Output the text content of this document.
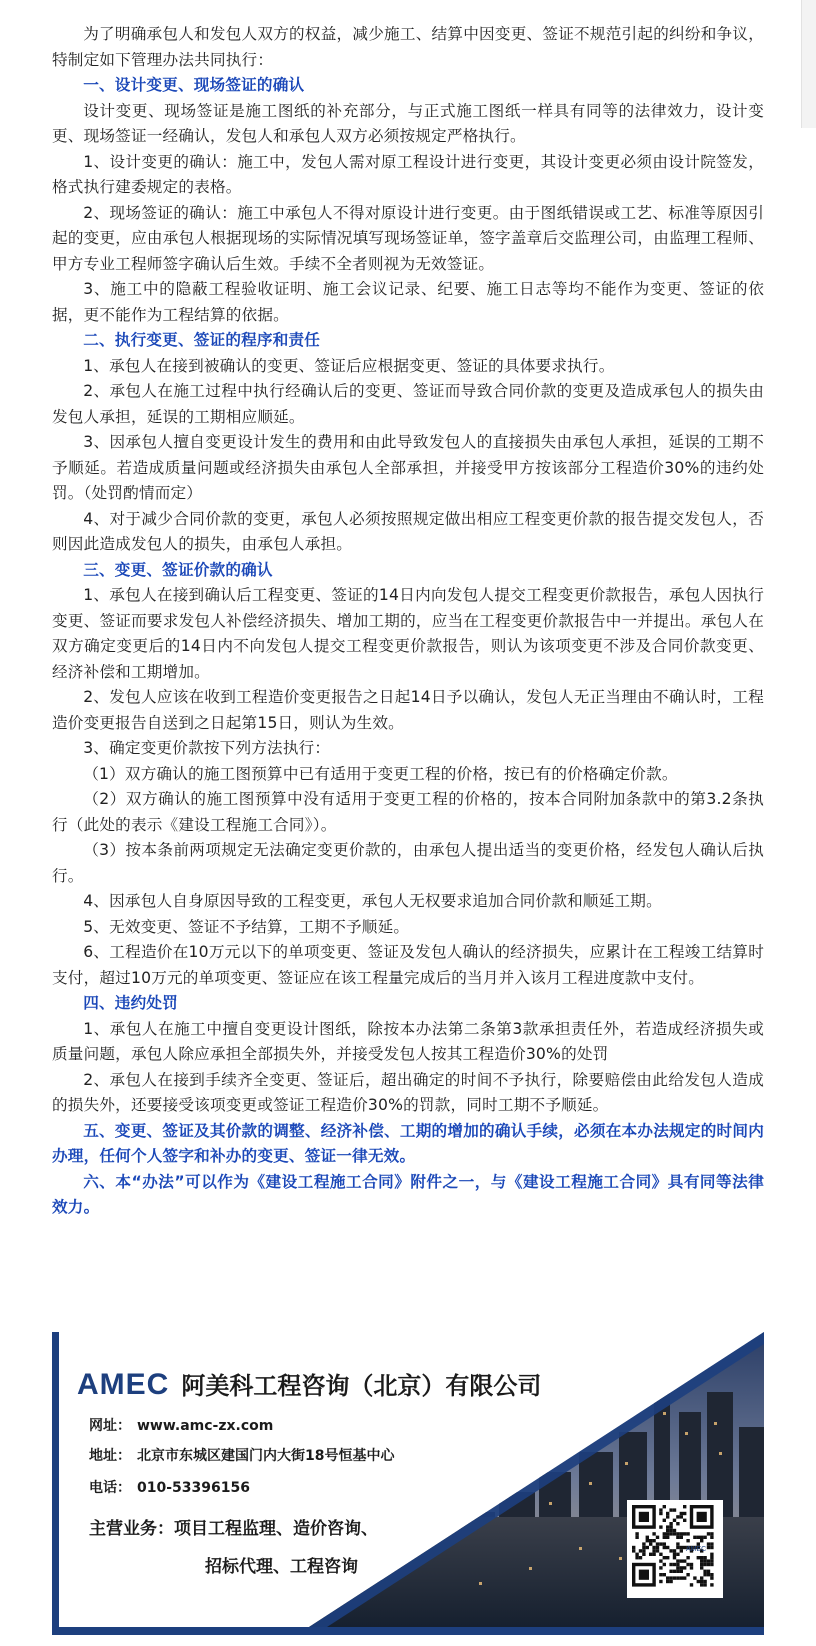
为了明确承包人和发包人双方的权益，减少施工、结算中因变更、签证不规范引起的纠纷和争议，特制定如下管理办法共同执行：

一、设计变更、现场签证的确认

设计变更、现场签证是施工图纸的补充部分，与正式施工图纸一样具有同等的法律效力，设计变更、现场签证一经确认，发包人和承包人双方必须按规定严格执行。

1、设计变更的确认：施工中，发包人需对原工程设计进行变更，其设计变更必须由设计院签发，格式执行建委规定的表格。

2、现场签证的确认：施工中承包人不得对原设计进行变更。由于图纸错误或工艺、标准等原因引起的变更，应由承包人根据现场的实际情况填写现场签证单，签字盖章后交监理公司，由监理工程师、甲方专业工程师签字确认后生效。手续不全者则视为无效签证。

3、施工中的隐蔽工程验收证明、施工会议记录、纪要、施工日志等均不能作为变更、签证的依据，更不能作为工程结算的依据。

二、执行变更、签证的程序和责任

1、承包人在接到被确认的变更、签证后应根据变更、签证的具体要求执行。

2、承包人在施工过程中执行经确认后的变更、签证而导致合同价款的变更及造成承包人的损失由发包人承担，延误的工期相应顺延。

3、因承包人擅自变更设计发生的费用和由此导致发包人的直接损失由承包人承担，延误的工期不予顺延。若造成质量问题或经济损失由承包人全部承担，并接受甲方按该部分工程造价30%的违约处罚。（处罚酌情而定）

4、对于减少合同价款的变更，承包人必须按照规定做出相应工程变更价款的报告提交发包人，否则因此造成发包人的损失，由承包人承担。

三、变更、签证价款的确认

1、承包人在接到确认后工程变更、签证的14日内向发包人提交工程变更价款报告，承包人因执行变更、签证而要求发包人补偿经济损失、增加工期的，应当在工程变更价款报告中一并提出。承包人在双方确定变更后的14日内不向发包人提交工程变更价款报告，则认为该项变更不涉及合同价款变更、经济补偿和工期增加。

2、发包人应该在收到工程造价变更报告之日起14日予以确认，发包人无正当理由不确认时，工程造价变更报告自送到之日起第15日，则认为生效。

3、确定变更价款按下列方法执行：

（1）双方确认的施工图预算中已有适用于变更工程的价格，按已有的价格确定价款。

（2）双方确认的施工图预算中没有适用于变更工程的价格的，按本合同附加条款中的第3.2条执行（此处的表示《建设工程施工合同》）。

（3）按本条前两项规定无法确定变更价款的，由承包人提出适当的变更价格，经发包人确认后执行。

4、因承包人自身原因导致的工程变更，承包人无权要求追加合同价款和顺延工期。

5、无效变更、签证不予结算，工期不予顺延。

6、工程造价在10万元以下的单项变更、签证及发包人确认的经济损失，应累计在工程竣工结算时支付，超过10万元的单项变更、签证应在该工程量完成后的当月并入该月工程进度款中支付。

四、违约处罚

1、承包人在施工中擅自变更设计图纸，除按本办法第二条第3款承担责任外，若造成经济损失或质量问题，承包人除应承担全部损失外，并接受发包人按其工程造价30%的处罚

2、承包人在接到手续齐全变更、签证后，超出确定的时间不予执行，除要赔偿由此给发包人造成的损失外，还要接受该项变更或签证工程造价30%的罚款，同时工期不予顺延。

五、变更、签证及其价款的调整、经济补偿、工期的增加的确认手续，必须在本办法规定的时间内办理，任何个人签字和补办的变更、签证一律无效。

六、本“办法”可以作为《建设工程施工合同》附件之一，与《建设工程施工合同》具有同等法律效力。

AMEC 阿美科工程咨询（北京）有限公司
网址： www.amc-zx.com
地址： 北京市东城区建国门内大街18号恒基中心
电话： 010-53396156
主营业务：项目工程监理、造价咨询、
招标代理、工程咨询
AMEC
